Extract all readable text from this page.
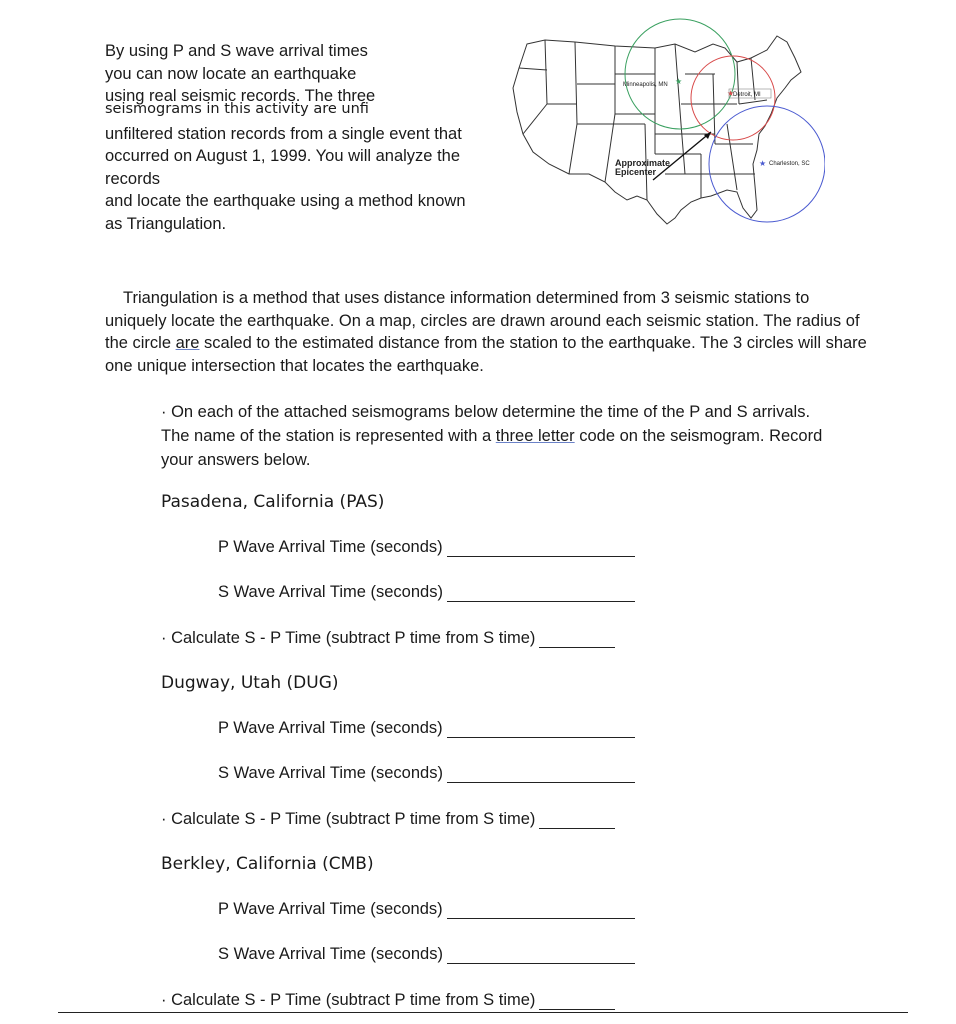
By using P and S wave arrival times
you can now locate an earthquake
using real seismic records. The three
seismograms in this activity are unfi
unfiltered station records from a single event that
occurred on August 1, 1999. You will analyze the
records
and locate the earthquake using a method known
as Triangulation.
★
★
★
Minneapolis, MN
Detroit, MI
Charleston, SC
Approximate
Epicenter
Triangulation is a method that uses distance information determined from 3 seismic stations to uniquely locate the earthquake. On a map, circles are drawn around each seismic station. The radius of the circle are scaled to the estimated distance from the station to the earthquake. The 3 circles will share one unique intersection that locates the earthquake.
· On each of the attached seismograms below determine the time of the P and S arrivals. The name of the station is represented with a three letter code on the seismogram. Record your answers below.
Pasadena, California (PAS)
P Wave Arrival Time (seconds)
S Wave Arrival Time (seconds)
· Calculate S - P Time (subtract P time from S time)
Dugway, Utah (DUG)
P Wave Arrival Time (seconds)
S Wave Arrival Time (seconds)
· Calculate S - P Time (subtract P time from S time)
Berkley, California (CMB)
P Wave Arrival Time (seconds)
S Wave Arrival Time (seconds)
· Calculate S - P Time (subtract P time from S time)
